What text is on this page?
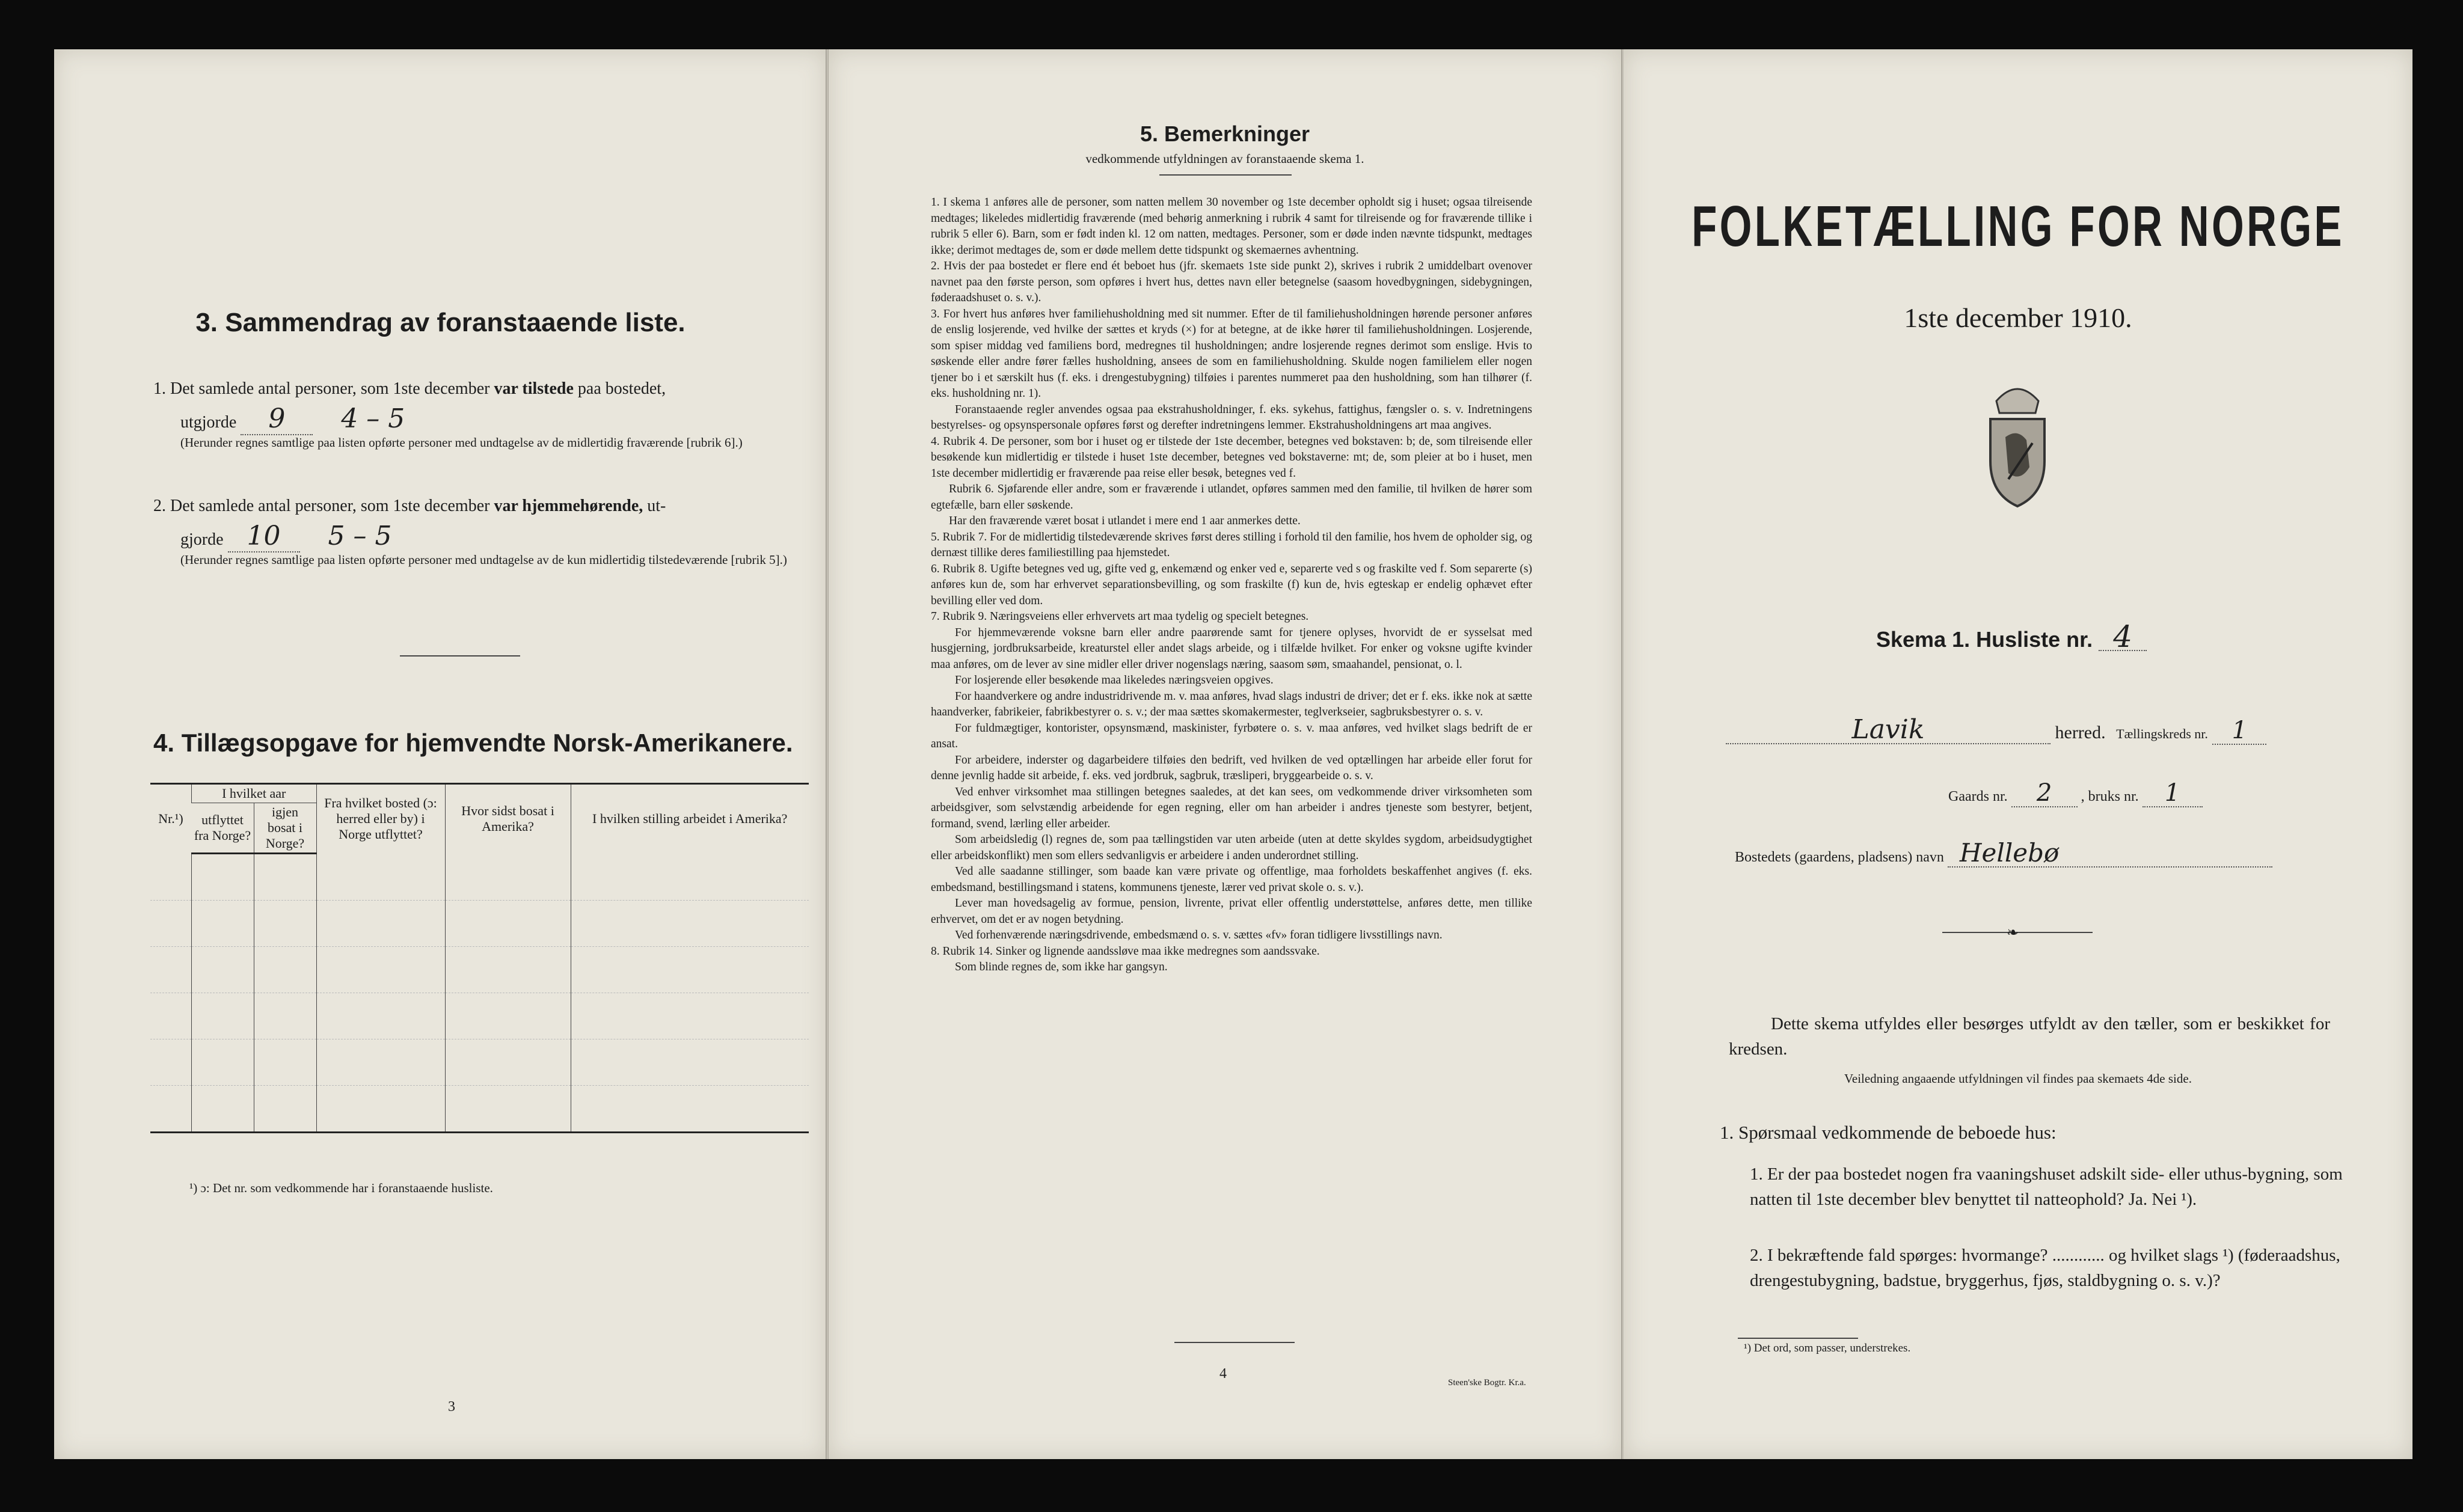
3. Sammendrag av foranstaaende liste.
1. Det samlede antal personer, som 1ste december var tilstede paa bostedet,
utgjorde 9 4 – 5
(Herunder regnes samtlige paa listen opførte personer med undtagelse av de midlertidig fraværende [rubrik 6].)
2. Det samlede antal personer, som 1ste december var hjemmehørende, ut-
gjorde 10 5 – 5
(Herunder regnes samtlige paa listen opførte personer med undtagelse av de kun midlertidig tilstedeværende [rubrik 5].)
4. Tillægsopgave for hjemvendte Norsk-Amerikanere.
Nr.¹)	I hvilket aar		Fra hvilket bosted (ɔ: herred eller by) i Norge utflyttet?	Hvor sidst bosat i Amerika?	I hvilken stilling arbeidet i Amerika?
	utflyttet fra Norge?	igjen bosat i Norge?			

¹) ɔ: Det nr. som vedkommende har i foranstaaende husliste.
3
5. Bemerkninger
vedkommende utfyldningen av foranstaaende skema 1.

1. I skema 1 anføres alle de personer, som natten mellem 30 november og 1ste december opholdt sig i huset; ogsaa tilreisende medtages; likeledes midlertidig fraværende (med behørig anmerkning i rubrik 4 samt for tilreisende og for fraværende tillike i rubrik 5 eller 6). Barn, som er født inden kl. 12 om natten, medtages. Personer, som er døde inden nævnte tidspunkt, medtages ikke; derimot medtages de, som er døde mellem dette tidspunkt og skemaernes avhentning.

2. Hvis der paa bostedet er flere end ét beboet hus (jfr. skemaets 1ste side punkt 2), skrives i rubrik 2 umiddelbart ovenover navnet paa den første person, som opføres i hvert hus, dettes navn eller betegnelse (saasom hovedbygningen, sidebygningen, føderaadshuset o. s. v.).

3. For hvert hus anføres hver familiehusholdning med sit nummer. Efter de til familiehusholdningen hørende personer anføres de enslig losjerende, ved hvilke der sættes et kryds (×) for at betegne, at de ikke hører til familiehusholdningen. Losjerende, som spiser middag ved familiens bord, medregnes til husholdningen; andre losjerende regnes derimot som enslige. Hvis to søskende eller andre fører fælles husholdning, ansees de som en familiehusholdning. Skulde nogen familielem eller nogen tjener bo i et særskilt hus (f. eks. i drengestubygning) tilføies i parentes nummeret paa den husholdning, som han tilhører (f. eks. husholdning nr. 1).

Foranstaaende regler anvendes ogsaa paa ekstrahusholdninger, f. eks. sykehus, fattighus, fængsler o. s. v. Indretningens bestyrelses- og opsynspersonale opføres først og derefter indretningens lemmer. Ekstrahusholdningens art maa angives.

4. Rubrik 4. De personer, som bor i huset og er tilstede der 1ste december, betegnes ved bokstaven: b; de, som tilreisende eller besøkende kun midlertidig er tilstede i huset 1ste december, betegnes ved bokstaverne: mt; de, som pleier at bo i huset, men 1ste december midlertidig er fraværende paa reise eller besøk, betegnes ved f.

Rubrik 6. Sjøfarende eller andre, som er fraværende i utlandet, opføres sammen med den familie, til hvilken de hører som egtefælle, barn eller søskende.

Har den fraværende været bosat i utlandet i mere end 1 aar anmerkes dette.

5. Rubrik 7. For de midlertidig tilstedeværende skrives først deres stilling i forhold til den familie, hos hvem de opholder sig, og dernæst tillike deres familiestilling paa hjemstedet.

6. Rubrik 8. Ugifte betegnes ved ug, gifte ved g, enkemænd og enker ved e, separerte ved s og fraskilte ved f. Som separerte (s) anføres kun de, som har erhvervet separationsbevilling, og som fraskilte (f) kun de, hvis egteskap er endelig ophævet efter bevilling eller ved dom.

7. Rubrik 9. Næringsveiens eller erhvervets art maa tydelig og specielt betegnes.

For hjemmeværende voksne barn eller andre paarørende samt for tjenere oplyses, hvorvidt de er sysselsat med husgjerning, jordbruksarbeide, kreaturstel eller andet slags arbeide, og i tilfælde hvilket. For enker og voksne ugifte kvinder maa anføres, om de lever av sine midler eller driver nogenslags næring, saasom søm, smaahandel, pensionat, o. l.

For losjerende eller besøkende maa likeledes næringsveien opgives.

For haandverkere og andre industridrivende m. v. maa anføres, hvad slags industri de driver; det er f. eks. ikke nok at sætte haandverker, fabrikeier, fabrikbestyrer o. s. v.; der maa sættes skomakermester, teglverkseier, sagbruksbestyrer o. s. v.

For fuldmægtiger, kontorister, opsynsmænd, maskinister, fyrbøtere o. s. v. maa anføres, ved hvilket slags bedrift de er ansat.

For arbeidere, inderster og dagarbeidere tilføies den bedrift, ved hvilken de ved optællingen har arbeide eller forut for denne jevnlig hadde sit arbeide, f. eks. ved jordbruk, sagbruk, træsliperi, bryggearbeide o. s. v.

Ved enhver virksomhet maa stillingen betegnes saaledes, at det kan sees, om vedkommende driver virksomheten som arbeidsgiver, som selvstændig arbeidende for egen regning, eller om han arbeider i andres tjeneste som bestyrer, betjent, formand, svend, lærling eller arbeider.

Som arbeidsledig (l) regnes de, som paa tællingstiden var uten arbeide (uten at dette skyldes sygdom, arbeidsudygtighet eller arbeidskonflikt) men som ellers sedvanligvis er arbeidere i anden underordnet stilling.

Ved alle saadanne stillinger, som baade kan være private og offentlige, maa forholdets beskaffenhet angives (f. eks. embedsmand, bestillingsmand i statens, kommunens tjeneste, lærer ved privat skole o. s. v.).

Lever man hovedsagelig av formue, pension, livrente, privat eller offentlig understøttelse, anføres dette, men tillike erhvervet, om det er av nogen betydning.

Ved forhenværende næringsdrivende, embedsmænd o. s. v. sættes «fv» foran tidligere livsstillings navn.

8. Rubrik 14. Sinker og lignende aandssløve maa ikke medregnes som aandssvake.

Som blinde regnes de, som ikke har gangsyn.

4
Steen'ske Bogtr. Kr.a.
FOLKETÆLLING FOR NORGE
1ste december 1910.
Skema 1. Husliste nr. 4
Lavik	herred. Tællingskreds nr. 1
Gaards nr. 2 , bruks nr. 1
Bostedets (gaardens, pladsens) navn Hellebø
❧
Dette skema utfyldes eller besørges utfyldt av den tæller, som er beskikket for kredsen.
Veiledning angaaende utfyldningen vil findes paa skemaets 4de side.
1. Spørsmaal vedkommende de beboede hus:
1. Er der paa bostedet nogen fra vaaningshuset adskilt side- eller uthus-bygning, som natten til 1ste december blev benyttet til natteophold? Ja. Nei ¹).
2. I bekræftende fald spørges: hvormange? ............ og hvilket slags ¹) (føderaadshus, drengestubygning, badstue, bryggerhus, fjøs, staldbygning o. s. v.)?
¹) Det ord, som passer, understrekes.
